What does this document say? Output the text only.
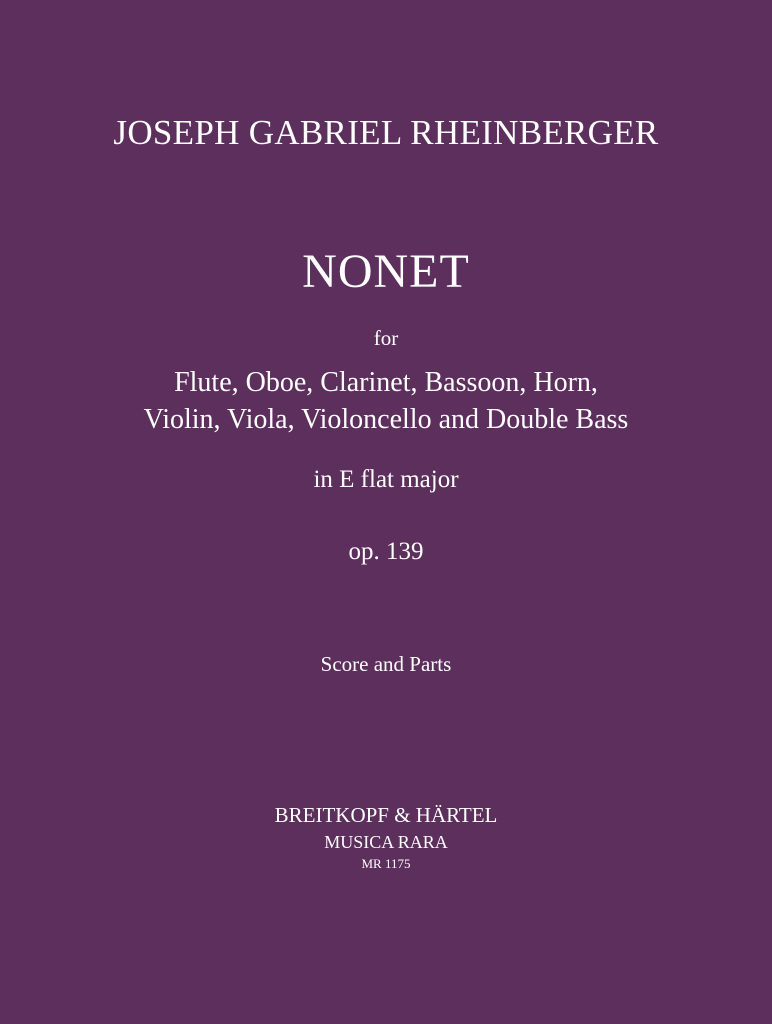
JOSEPH GABRIEL RHEINBERGER
NONET
for
Flute, Oboe, Clarinet, Bassoon, Horn,
Violin, Viola, Violoncello and Double Bass
in E flat major
op. 139
Score and Parts
BREITKOPF & HÄRTEL
MUSICA RARA
MR 1175
